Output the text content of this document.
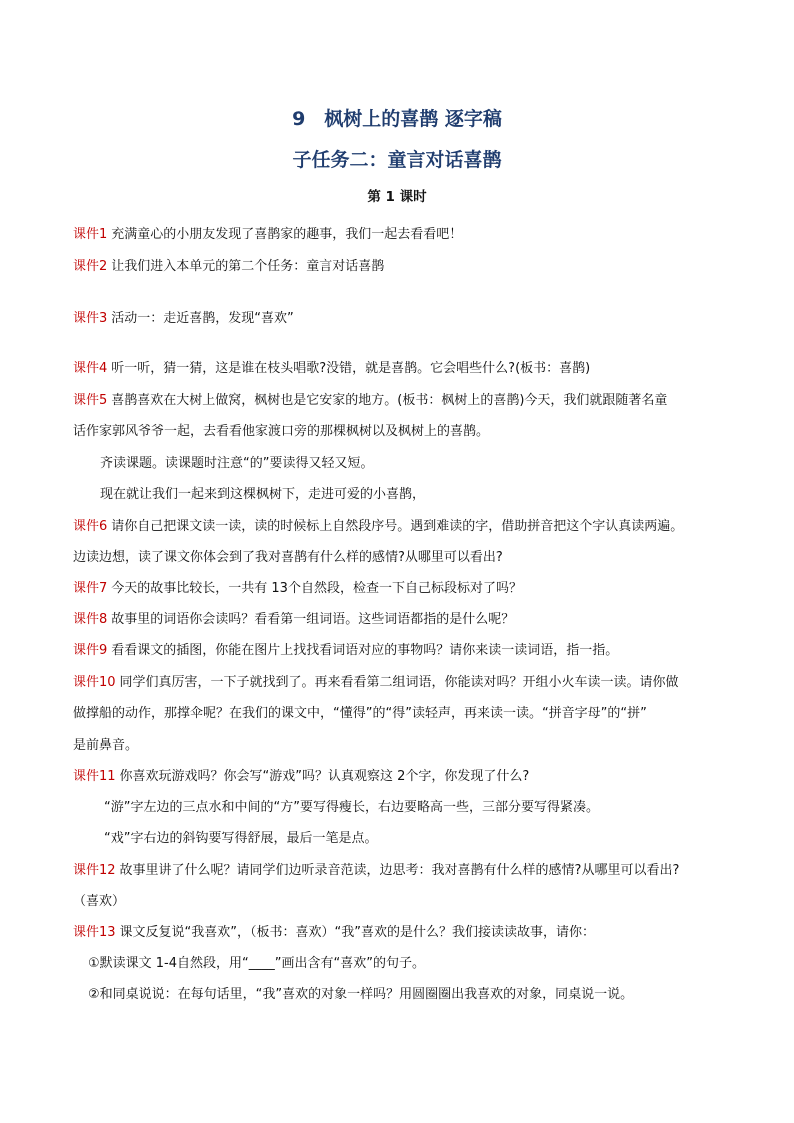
9　枫树上的喜鹊 逐字稿
子任务二：童言对话喜鹊
第 1 课时
课件1 充满童心的小朋友发现了喜鹊家的趣事，我们一起去看看吧！
课件2 让我们进入本单元的第二个任务：童言对话喜鹊
课件3 活动一：走近喜鹊，发现“喜欢”
课件4 听一听，猜一猜，这是谁在枝头唱歌?没错，就是喜鹊。它会唱些什么?(板书：喜鹊)
课件5 喜鹊喜欢在大树上做窝，枫树也是它安家的地方。(板书：枫树上的喜鹊)今天，我们就跟随著名童
话作家郭风爷爷一起，去看看他家渡口旁的那棵枫树以及枫树上的喜鹊。
齐读课题。读课题时注意“的”要读得又轻又短。
现在就让我们一起来到这棵枫树下，走进可爱的小喜鹊，
课件6 请你自己把课文读一读，读的时候标上自然段序号。遇到难读的字，借助拼音把这个字认真读两遍。
边读边想，读了课文你体会到了我对喜鹊有什么样的感情?从哪里可以看出?
课件7 今天的故事比较长，一共有 13个自然段，检查一下自己标段标对了吗？
课件8 故事里的词语你会读吗？看看第一组词语。这些词语都指的是什么呢？
课件9 看看课文的插图，你能在图片上找找看词语对应的事物吗？请你来读一读词语，指一指。
课件10 同学们真厉害，一下子就找到了。再来看看第二组词语，你能读对吗？开组小火车读一读。请你做
做撑船的动作，那撑伞呢？在我们的课文中，“懂得”的“得”读轻声，再来读一读。“拼音字母”的“拼”
是前鼻音。
课件11 你喜欢玩游戏吗？你会写“游戏”吗？认真观察这 2个字，你发现了什么?
“游”字左边的三点水和中间的“方”要写得瘦长，右边要略高一些，三部分要写得紧凑。
“戏”字右边的斜钩要写得舒展，最后一笔是点。
课件12 故事里讲了什么呢？请同学们边听录音范读，边思考：我对喜鹊有什么样的感情?从哪里可以看出?
（喜欢）
课件13 课文反复说“我喜欢”，（板书：喜欢）“我”喜欢的是什么？我们接读读故事，请你：
①默读课文 1-4自然段，用“____”画出含有“喜欢”的句子。
②和同桌说说：在每句话里，“我”喜欢的对象一样吗？用圆圈圈出我喜欢的对象，同桌说一说。
